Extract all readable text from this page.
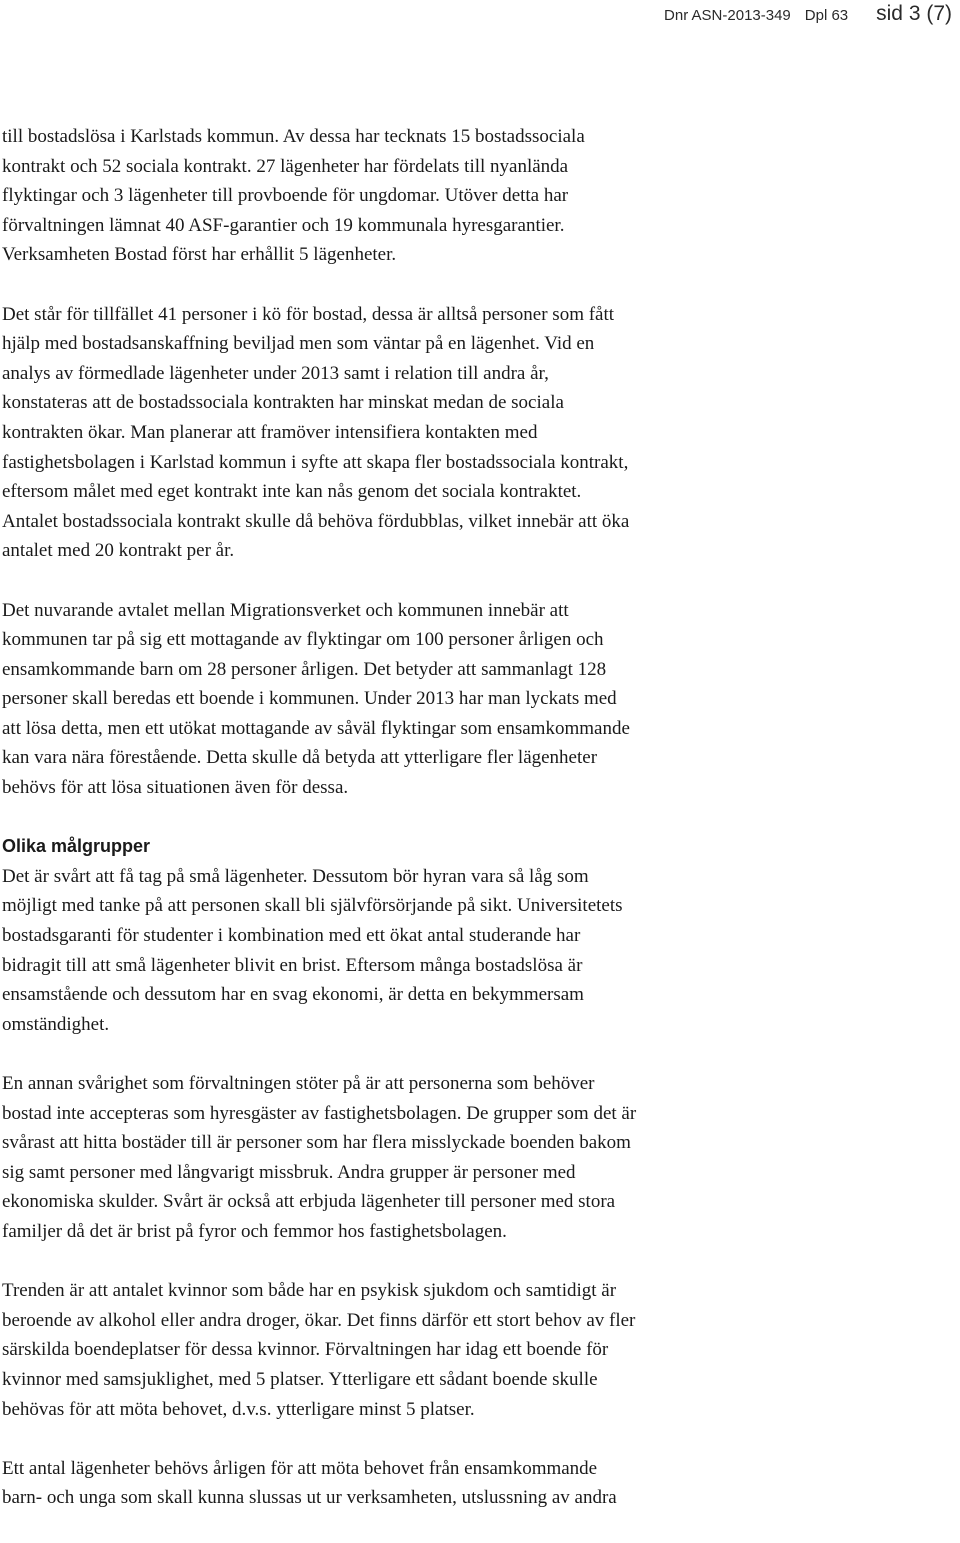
Dnr ASN-2013-349 Dpl 63 sid 3 (7)
till bostadslösa i Karlstads kommun. Av dessa har tecknats 15 bostadssociala
kontrakt och 52 sociala kontrakt. 27 lägenheter har fördelats till nyanlända
flyktingar och 3 lägenheter till provboende för ungdomar. Utöver detta har
förvaltningen lämnat 40 ASF-garantier och 19 kommunala hyresgarantier.
Verksamheten Bostad först har erhållit 5 lägenheter.
Det står för tillfället 41 personer i kö för bostad, dessa är alltså personer som fått
hjälp med bostadsanskaffning beviljad men som väntar på en lägenhet. Vid en
analys av förmedlade lägenheter under 2013 samt i relation till andra år,
konstateras att de bostadssociala kontrakten har minskat medan de sociala
kontrakten ökar. Man planerar att framöver intensifiera kontakten med
fastighetsbolagen i Karlstad kommun i syfte att skapa fler bostadssociala kontrakt,
eftersom målet med eget kontrakt inte kan nås genom det sociala kontraktet.
Antalet bostadssociala kontrakt skulle då behöva fördubblas, vilket innebär att öka
antalet med 20 kontrakt per år.
Det nuvarande avtalet mellan Migrationsverket och kommunen innebär att
kommunen tar på sig ett mottagande av flyktingar om 100 personer årligen och
ensamkommande barn om 28 personer årligen. Det betyder att sammanlagt 128
personer skall beredas ett boende i kommunen. Under 2013 har man lyckats med
att lösa detta, men ett utökat mottagande av såväl flyktingar som ensamkommande
kan vara nära förestående. Detta skulle då betyda att ytterligare fler lägenheter
behövs för att lösa situationen även för dessa.
Olika målgrupper
Det är svårt att få tag på små lägenheter. Dessutom bör hyran vara så låg som
möjligt med tanke på att personen skall bli självförsörjande på sikt. Universitetets
bostadsgaranti för studenter i kombination med ett ökat antal studerande har
bidragit till att små lägenheter blivit en brist. Eftersom många bostadslösa är
ensamstående och dessutom har en svag ekonomi, är detta en bekymmersam
omständighet.
En annan svårighet som förvaltningen stöter på är att personerna som behöver
bostad inte accepteras som hyresgäster av fastighetsbolagen. De grupper som det är
svårast att hitta bostäder till är personer som har flera misslyckade boenden bakom
sig samt personer med långvarigt missbruk. Andra grupper är personer med
ekonomiska skulder. Svårt är också att erbjuda lägenheter till personer med stora
familjer då det är brist på fyror och femmor hos fastighetsbolagen.
Trenden är att antalet kvinnor som både har en psykisk sjukdom och samtidigt är
beroende av alkohol eller andra droger, ökar. Det finns därför ett stort behov av fler
särskilda boendeplatser för dessa kvinnor. Förvaltningen har idag ett boende för
kvinnor med samsjuklighet, med 5 platser. Ytterligare ett sådant boende skulle
behövas för att möta behovet, d.v.s. ytterligare minst 5 platser.
Ett antal lägenheter behövs årligen för att möta behovet från ensamkommande
barn- och unga som skall kunna slussas ut ur verksamheten, utslussning av andra
